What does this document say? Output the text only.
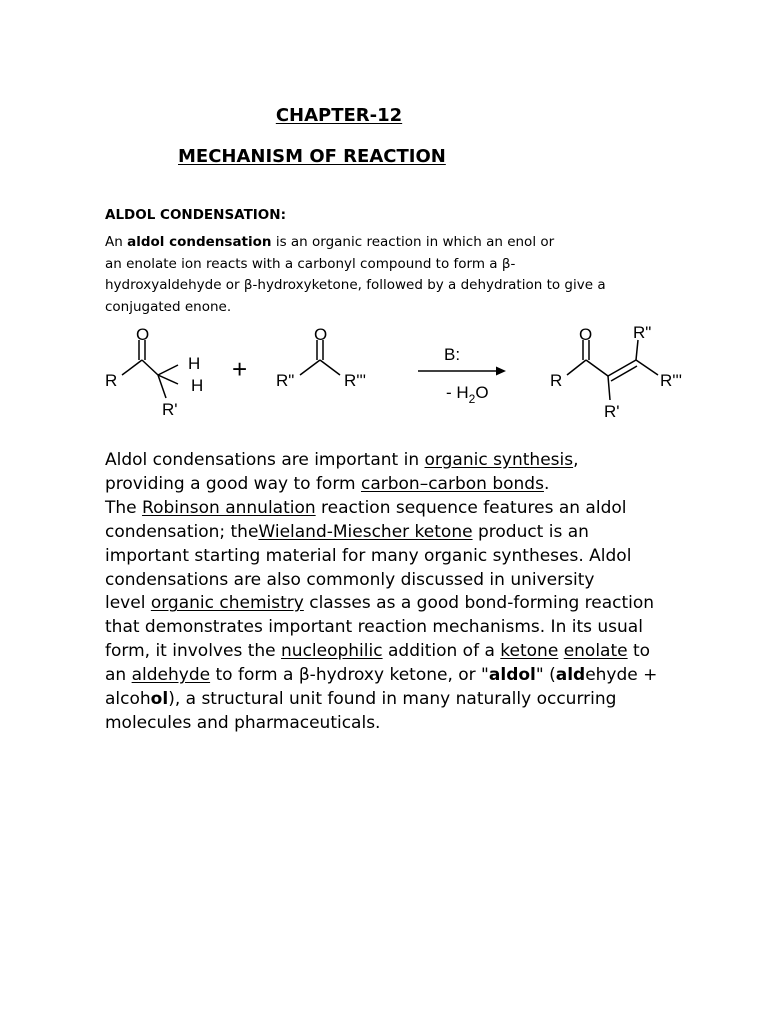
CHAPTER-12
MECHANISM OF REACTION
ALDOL CONDENSATION:
An aldol condensation is an organic reaction in which an enol or
an enolate ion reacts with a carbonyl compound to form a β-
hydroxyaldehyde or β-hydroxyketone, followed by a dehydration to give a
conjugated enone.
O
R
H
H
R'
+
O
R"	R'''
B:
- $H_2O$
O
R
R"
R'''
R'
Aldol condensations are important in organic synthesis,
providing a good way to form carbon–carbon bonds.
The Robinson annulation reaction sequence features an aldol
condensation; theWieland-Miescher ketone product is an
important starting material for many organic syntheses. Aldol
condensations are also commonly discussed in university
level organic chemistry classes as a good bond-forming reaction
that demonstrates important reaction mechanisms. In its usual
form, it involves the nucleophilic addition of a ketone enolate to
an aldehyde to form a β-hydroxy ketone, or "aldol" (aldehyde +
alcohol), a structural unit found in many naturally occurring
molecules and pharmaceuticals.
